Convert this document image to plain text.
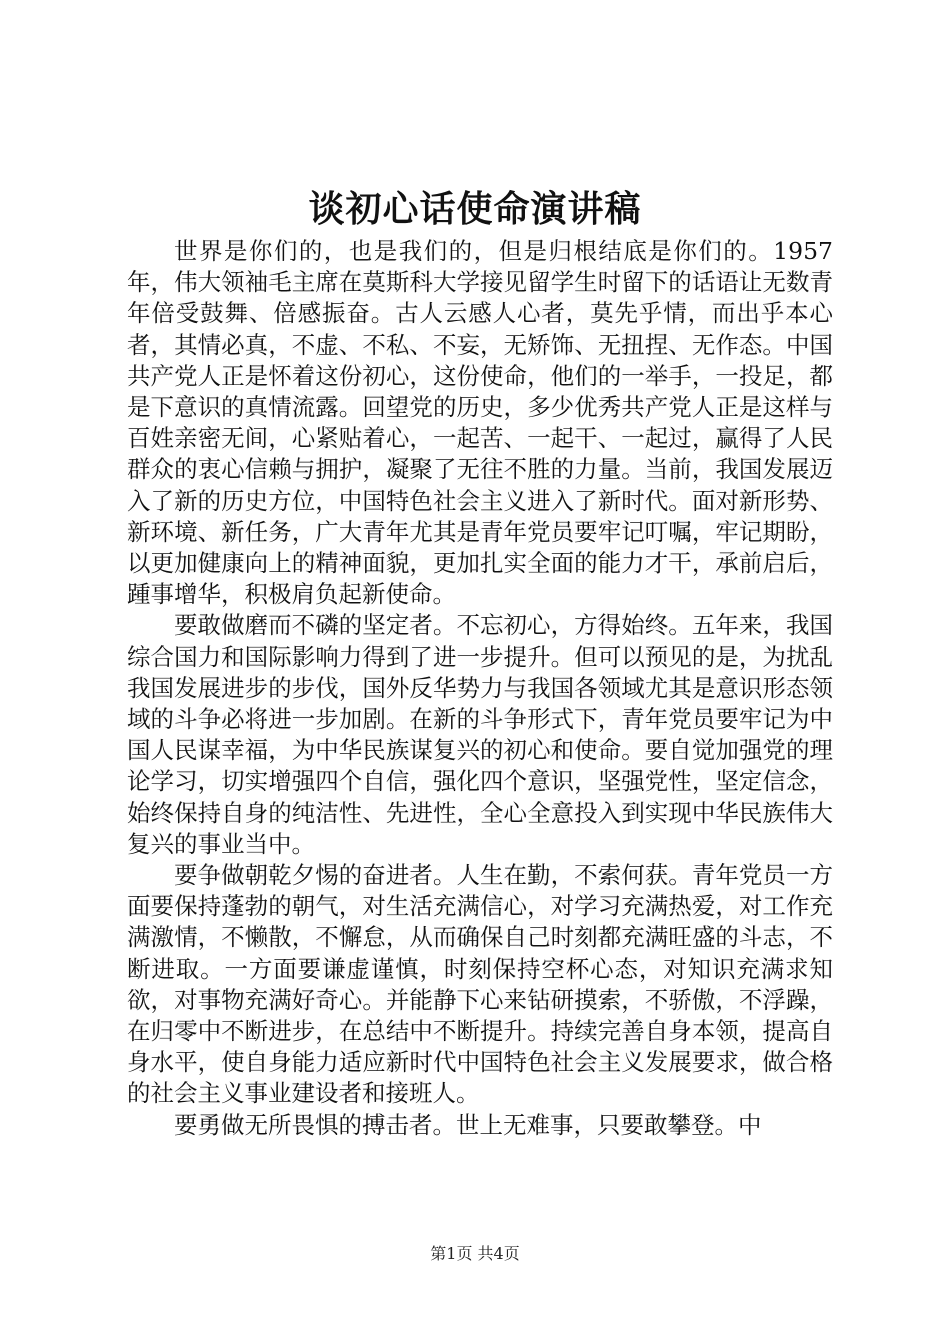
谈初心话使命演讲稿

世界是你们的，也是我们的，但是归根结底是你们的。1957年，伟大领袖毛主席在莫斯科大学接见留学生时留下的话语让无数青年倍受鼓舞、倍感振奋。古人云感人心者，莫先乎情，而出乎本心者，其情必真，不虚、不私、不妄，无矫饰、无扭捏、无作态。中国共产党人正是怀着这份初心，这份使命，他们的一举手，一投足，都是下意识的真情流露。回望党的历史，多少优秀共产党人正是这样与百姓亲密无间，心紧贴着心，一起苦、一起干、一起过，赢得了人民群众的衷心信赖与拥护，凝聚了无往不胜的力量。当前，我国发展迈入了新的历史方位，中国特色社会主义进入了新时代。面对新形势、新环境、新任务，广大青年尤其是青年党员要牢记叮嘱，牢记期盼，以更加健康向上的精神面貌，更加扎实全面的能力才干，承前启后，踵事增华，积极肩负起新使命。

要敢做磨而不磷的坚定者。不忘初心，方得始终。五年来，我国综合国力和国际影响力得到了进一步提升。但可以预见的是，为扰乱我国发展进步的步伐，国外反华势力与我国各领域尤其是意识形态领域的斗争必将进一步加剧。在新的斗争形式下，青年党员要牢记为中国人民谋幸福，为中华民族谋复兴的初心和使命。要自觉加强党的理论学习，切实增强四个自信，强化四个意识，坚强党性，坚定信念，始终保持自身的纯洁性、先进性，全心全意投入到实现中华民族伟大复兴的事业当中。

要争做朝乾夕惕的奋进者。人生在勤，不索何获。青年党员一方面要保持蓬勃的朝气，对生活充满信心，对学习充满热爱，对工作充满激情，不懒散，不懈怠，从而确保自己时刻都充满旺盛的斗志，不断进取。一方面要谦虚谨慎，时刻保持空杯心态，对知识充满求知欲，对事物充满好奇心。并能静下心来钻研摸索，不骄傲，不浮躁，在归零中不断进步，在总结中不断提升。持续完善自身本领，提高自身水平，使自身能力适应新时代中国特色社会主义发展要求，做合格的社会主义事业建设者和接班人。

要勇做无所畏惧的搏击者。世上无难事，只要敢攀登。中

第1页 共4页
